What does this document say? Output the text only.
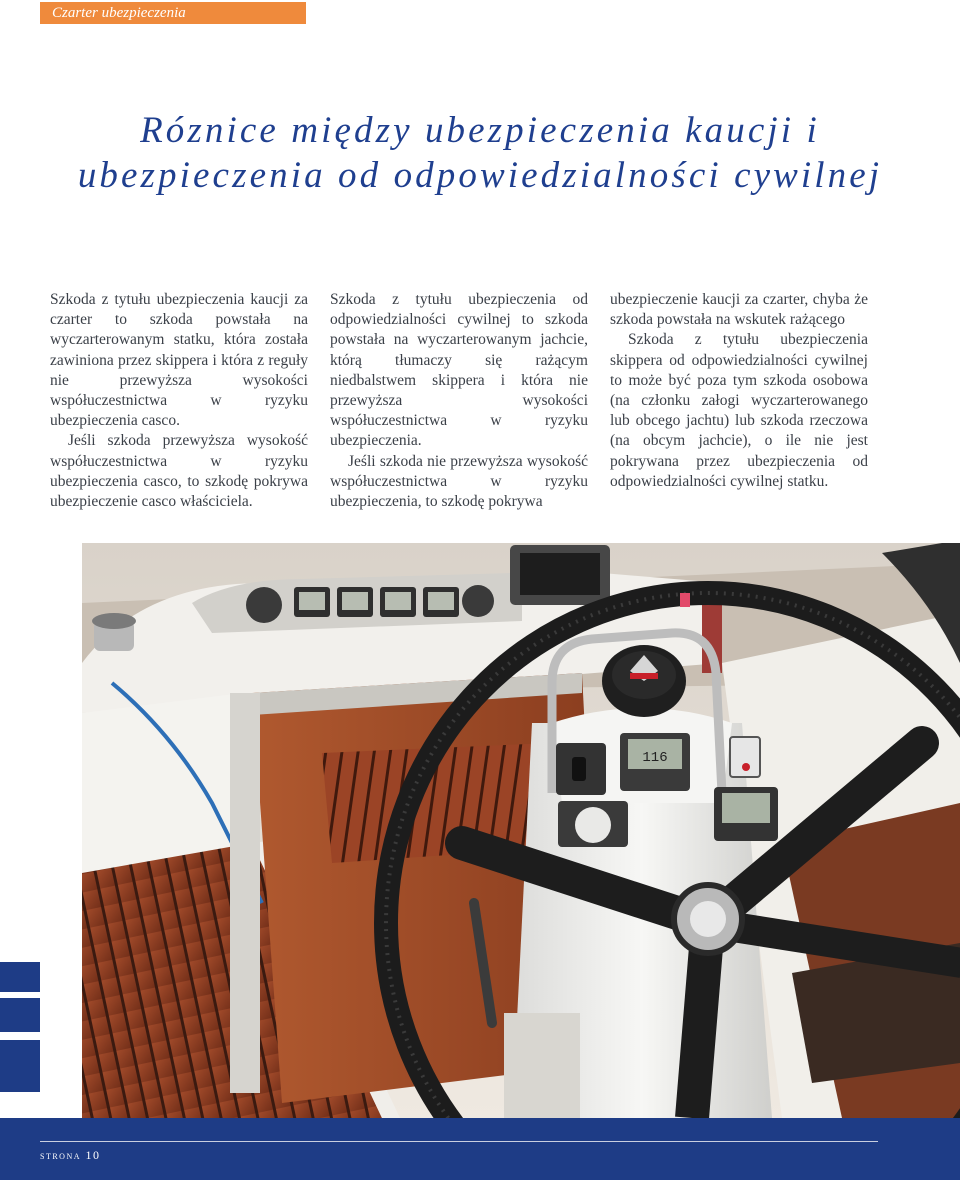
Czarter ubezpieczenia
Róznice między ubezpieczenia kaucji i
ubezpieczenia od odpowiedzialności cywilnej

Szkoda z tytułu ubezpieczenia kaucji za czarter to szkoda powstała na wyczarterowanym statku, która została zawiniona przez skippera i która z reguły nie przewyższa wysokości współuczestnictwa w ryzyku ubezpieczenia casco.

Jeśli szkoda przewyższa wysokość współuczestnictwa w ryzyku ubezpieczenia casco, to szkodę pokrywa ubezpieczenie casco właściciela.

Szkoda z tytułu ubezpieczenia od odpowiedzialności cywilnej to szkoda powstała na wyczarterowanym jachcie, którą tłumaczy się rażącym niedbalstwem skippera i która nie przewyższa wysokości współuczestnictwa w ryzyku ubezpieczenia.

Jeśli szkoda nie przewyższa wysokość współuczestnictwa w ryzyku ubezpieczenia, to szkodę pokrywa

ubezpieczenie kaucji za czarter, chyba że szkoda powstała na wskutek rażącego

Szkoda z tytułu ubezpieczenia skippera od odpowiedzialności cywilnej to może być poza tym szkoda osobowa (na członku załogi wyczarterowanego lub obcego jachtu) lub szkoda rzeczowa (na obcym jachcie), o ile nie jest pokrywana przez ubezpieczenia od odpowiedzialności cywilnej statku.

116
strona 10
